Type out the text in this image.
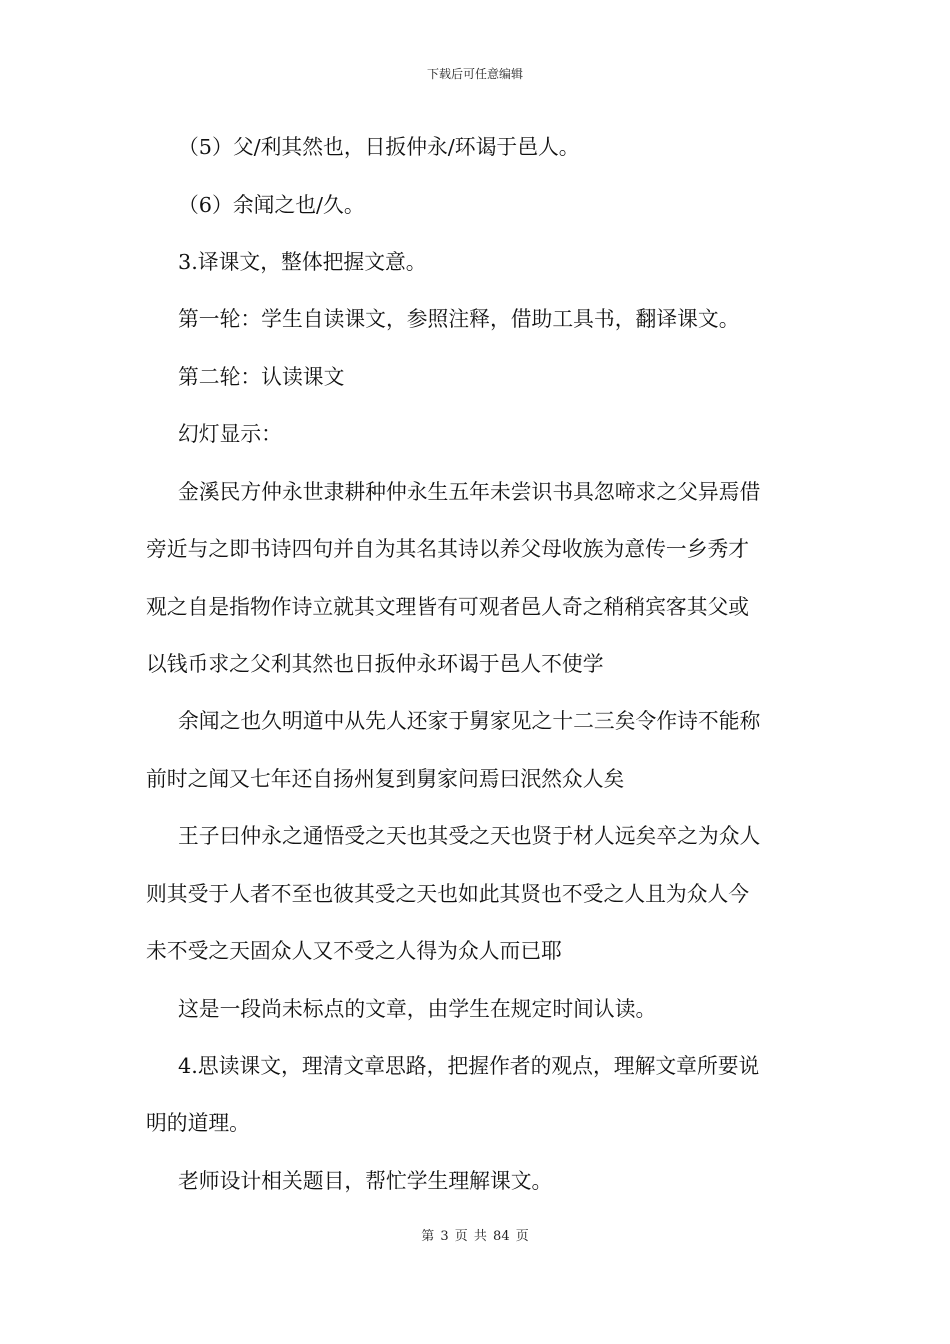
下载后可任意编辑
（5）父/利其然也，日扳仲永/环谒于邑人。
（6）余闻之也/久。
3.译课文，整体把握文意。
第一轮：学生自读课文，参照注释，借助工具书，翻译课文。
第二轮：认读课文
幻灯显示：
金溪民方仲永世隶耕种仲永生五年未尝识书具忽啼求之父异焉借
旁近与之即书诗四句并自为其名其诗以养父母收族为意传一乡秀才
观之自是指物作诗立就其文理皆有可观者邑人奇之稍稍宾客其父或
以钱币求之父利其然也日扳仲永环谒于邑人不使学
余闻之也久明道中从先人还家于舅家见之十二三矣令作诗不能称
前时之闻又七年还自扬州复到舅家问焉曰泯然众人矣
王子曰仲永之通悟受之天也其受之天也贤于材人远矣卒之为众人
则其受于人者不至也彼其受之天也如此其贤也不受之人且为众人今
未不受之天固众人又不受之人得为众人而已耶
这是一段尚未标点的文章，由学生在规定时间认读。
4.思读课文，理清文章思路，把握作者的观点，理解文章所要说
明的道理。
老师设计相关题目，帮忙学生理解课文。
第 3 页 共 84 页
